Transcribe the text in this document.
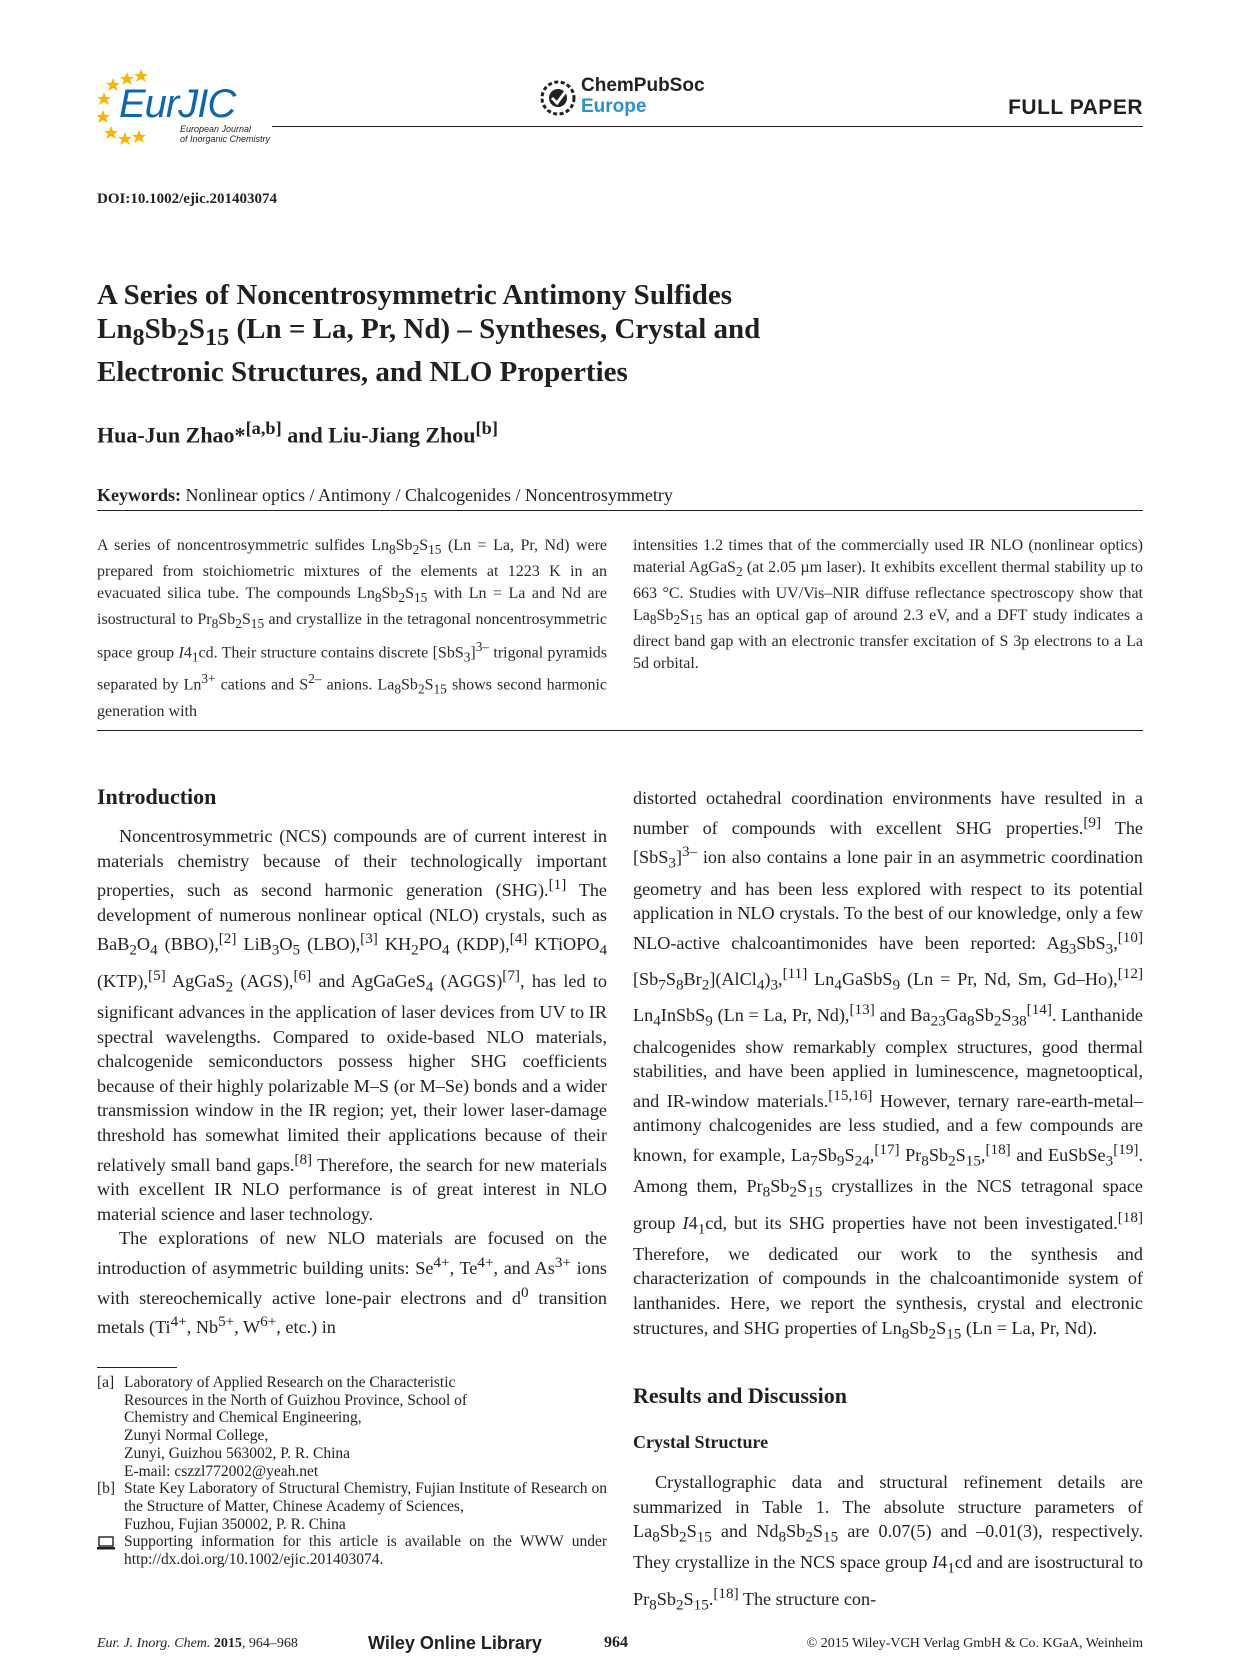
EurJIC
European Journal
of Inorganic Chemistry
ChemPubSoc
Europe	FULL PAPER
DOI:10.1002/ejic.201403074
A Series of Noncentrosymmetric Antimony Sulfides
$Ln_8Sb_2S_{15}$ (Ln = La, Pr, Nd) – Syntheses, Crystal and
Electronic Structures, and NLO Properties
Hua-Jun Zhao*[a,b] and Liu-Jiang Zhou[b]
Keywords: Nonlinear optics / Antimony / Chalcogenides / Noncentrosymmetry

A series of noncentrosymmetric sulfides $Ln_8Sb_2S_{15}$ (Ln = La, Pr, Nd) were prepared from stoichiometric mixtures of the elements at 1223 K in an evacuated silica tube. The compounds $Ln_8Sb_2S_{15}$ with Ln = La and Nd are isostructural to $Pr_8Sb_2S_{15}$ and crystallize in the tetragonal noncentrosymmetric space group $I4_1cd$. Their structure contains discrete $[SbS_3]^{3-}$ trigonal pyramids separated by $Ln^{3+}$ cations and $S^{2-}$ anions. $La_8Sb_2S_{15}$ shows second harmonic generation with

intensities 1.2 times that of the commercially used IR NLO (nonlinear optics) material AgGaS$_2$ (at 2.05 µm laser). It exhibits excellent thermal stability up to 663 °C. Studies with UV/Vis–NIR diffuse reflectance spectroscopy show that $La_8Sb_2S_{15}$ has an optical gap of around 2.3 eV, and a DFT study indicates a direct band gap with an electronic transfer excitation of S 3p electrons to a La 5d orbital.

Introduction

Noncentrosymmetric (NCS) compounds are of current interest in materials chemistry because of their technologically important properties, such as second harmonic generation (SHG).[1] The development of numerous nonlinear optical (NLO) crystals, such as $BaB_2O_4$ (BBO),[2] $LiB_3O_5$ (LBO),[3] $KH_2PO_4$ (KDP),[4] KTiOPO$_4$ (KTP),[5] AgGaS$_2$ (AGS),[6] and AgGaGeS$_4$ (AGGS)[7], has led to significant advances in the application of laser devices from UV to IR spectral wavelengths. Compared to oxide-based NLO materials, chalcogenide semiconductors possess higher SHG coefficients because of their highly polarizable M–S (or M–Se) bonds and a wider transmission window in the IR region; yet, their lower laser-damage threshold has somewhat limited their applications because of their relatively small band gaps.[8] Therefore, the search for new materials with excellent IR NLO performance is of great interest in NLO material science and laser technology.

The explorations of new NLO materials are focused on the introduction of asymmetric building units: $Se^{4+}$, $Te^{4+}$, and $As^{3+}$ ions with stereochemically active lone-pair electrons and $d^0$ transition metals ($Ti^{4+}$, $Nb^{5+}$, $W^{6+}$, etc.) in

[a] Laboratory of Applied Research on the Characteristic
Resources in the North of Guizhou Province, School of
Chemistry and Chemical Engineering,
Zunyi Normal College,
Zunyi, Guizhou 563002, P. R. China
E-mail: cszzl772002@yeah.net
[b] State Key Laboratory of Structural Chemistry, Fujian Institute of Research on the Structure of Matter, Chinese Academy of Sciences,
Fuzhou, Fujian 350002, P. R. China
Supporting information for this article is available on the WWW under http://dx.doi.org/10.1002/ejic.201403074.

distorted octahedral coordination environments have resulted in a number of compounds with excellent SHG properties.[9] The $[SbS_3]^{3-}$ ion also contains a lone pair in an asymmetric coordination geometry and has been less explored with respect to its potential application in NLO crystals. To the best of our knowledge, only a few NLO-active chalcoantimonides have been reported: $Ag_3SbS_3,[10]$ $[Sb_7S_8Br_2](AlCl_4)_3,[11]$ $Ln_4GaSbS_9$ (Ln = Pr, Nd, Sm, Gd–Ho),[12] $Ln_4InSbS_9$ (Ln = La, Pr, Nd),[13] and $Ba_{23}Ga_8Sb_2S_{38}[14]$. Lanthanide chalcogenides show remarkably complex structures, good thermal stabilities, and have been applied in luminescence, magnetooptical, and IR-window materials.[15,16] However, ternary rare-earth-metal–antimony chalcogenides are less studied, and a few compounds are known, for example, $La_7Sb_9S_{24},[17]$ $Pr_8Sb_2S_{15},[18]$ and EuSbSe$_3$[19]. Among them, $Pr_8Sb_2S_{15}$ crystallizes in the NCS tetragonal space group $I4_1cd$, but its SHG properties have not been investigated.[18] Therefore, we dedicated our work to the synthesis and characterization of compounds in the chalcoantimonide system of lanthanides. Here, we report the synthesis, crystal and electronic structures, and SHG properties of $Ln_8Sb_2S_{15}$ (Ln = La, Pr, Nd).

Results and Discussion
Crystal Structure

Crystallographic data and structural refinement details are summarized in Table 1. The absolute structure parameters of $La_8Sb_2S_{15}$ and $Nd_8Sb_2S_{15}$ are 0.07(5) and –0.01(3), respectively. They crystallize in the NCS space group $I4_1cd$ and are isostructural to $Pr_8Sb_2S_{15}.[18]$ The structure con-

Eur. J. Inorg. Chem. 2015, 964–968	Wiley Online Library	964	© 2015 Wiley-VCH Verlag GmbH & Co. KGaA, Weinheim
